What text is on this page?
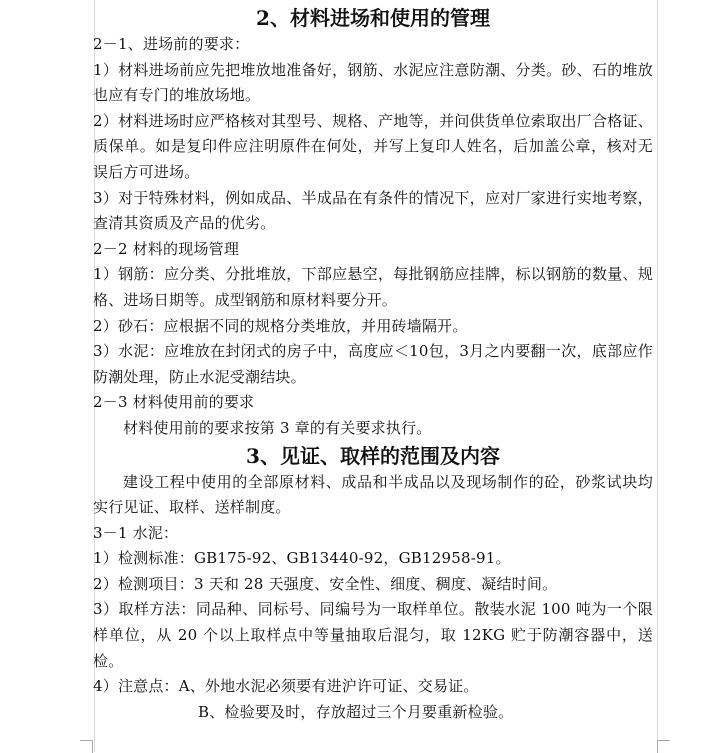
2、材料进场和使用的管理

2－1、进场前的要求：

1）材料进场前应先把堆放地准备好，钢筋、水泥应注意防潮、分类。砂、石的堆放也应有专门的堆放场地。

2）材料进场时应严格核对其型号、规格、产地等，并问供货单位索取出厂合格证、质保单。如是复印件应注明原件在何处，并写上复印人姓名，后加盖公章，核对无误后方可进场。

3）对于特殊材料，例如成品、半成品在有条件的情况下，应对厂家进行实地考察，查清其资质及产品的优劣。

2－2 材料的现场管理

1）钢筋：应分类、分批堆放，下部应悬空，每批钢筋应挂牌，标以钢筋的数量、规格、进场日期等。成型钢筋和原材料要分开。

2）砂石：应根据不同的规格分类堆放，并用砖墙隔开。

3）水泥：应堆放在封闭式的房子中，高度应＜10包，3月之内要翻一次，底部应作防潮处理，防止水泥受潮结块。

2－3 材料使用前的要求

材料使用前的要求按第 3 章的有关要求执行。

3、见证、取样的范围及内容

建设工程中使用的全部原材料、成品和半成品以及现场制作的砼，砂浆试块均实行见证、取样、送样制度。

3－1 水泥：

1）检测标准：GB175-92、GB13440-92，GB12958-91。

2）检测项目：3 天和 28 天强度、安全性、细度、稠度、凝结时间。

3）取样方法：同品种、同标号、同编号为一取样单位。散装水泥 100 吨为一个限样单位，从 20 个以上取样点中等量抽取后混匀，取 12KG 贮于防潮容器中，送检。

4）注意点：A、外地水泥必须要有进沪许可证、交易证。

B、检验要及时，存放超过三个月要重新检验。
